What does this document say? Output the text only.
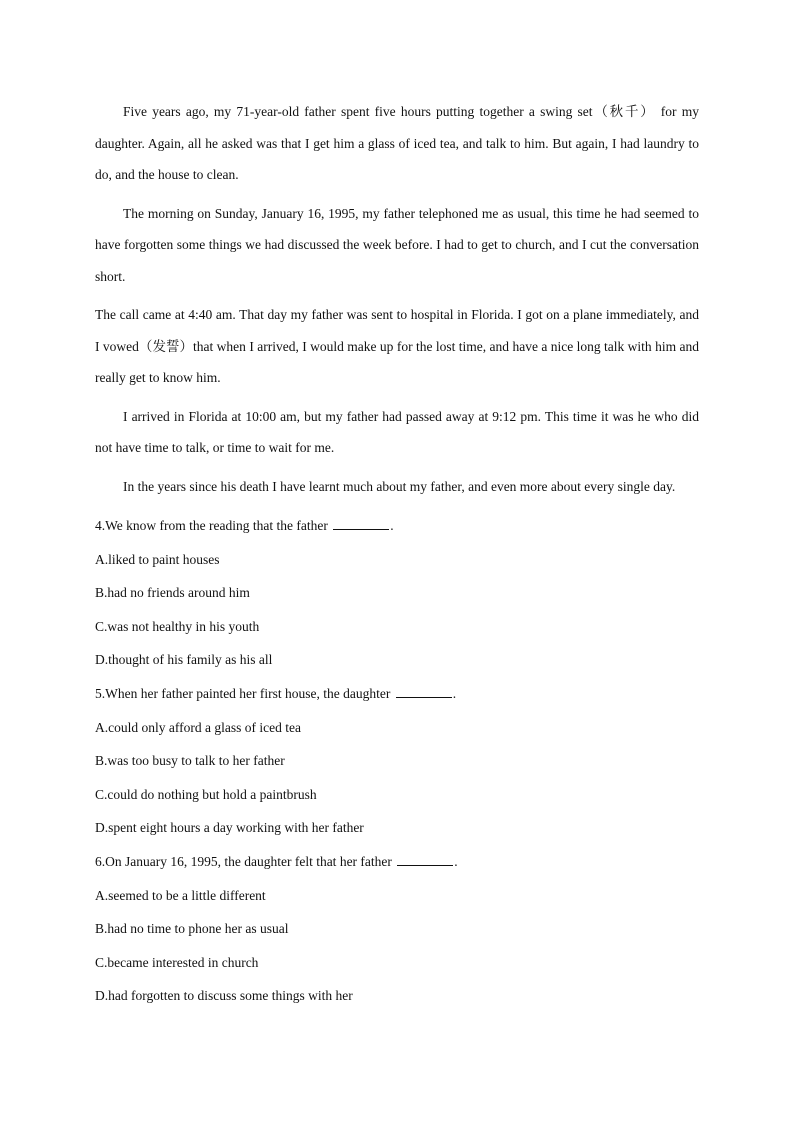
Five years ago, my 71-year-old father spent five hours putting together a swing set（秋千） for my daughter. Again, all he asked was that I get him a glass of iced tea, and talk to him. But again, I had laundry to do, and the house to clean.

The morning on Sunday, January 16, 1995, my father telephoned me as usual, this time he had seemed to have forgotten some things we had discussed the week before. I had to get to church, and I cut the conversation short.

The call came at 4:40 am. That day my father was sent to hospital in Florida. I got on a plane immediately, and I vowed（发誓）that when I arrived, I would make up for the lost time, and have a nice long talk with him and really get to know him.

I arrived in Florida at 10:00 am, but my father had passed away at 9:12 pm. This time it was he who did not have time to talk, or time to wait for me.

In the years since his death I have learnt much about my father, and even more about every single day.

4.We know from the reading that the father	.

A.liked to paint houses

B.had no friends around him

C.was not healthy in his youth

D.thought of his family as his all

5.When her father painted her first house, the daughter	.

A.could only afford a glass of iced tea

B.was too busy to talk to her father

C.could do nothing but hold a paintbrush

D.spent eight hours a day working with her father

6.On January 16, 1995, the daughter felt that her father	.

A.seemed to be a little different

B.had no time to phone her as usual

C.became interested in church

D.had forgotten to discuss some things with her
